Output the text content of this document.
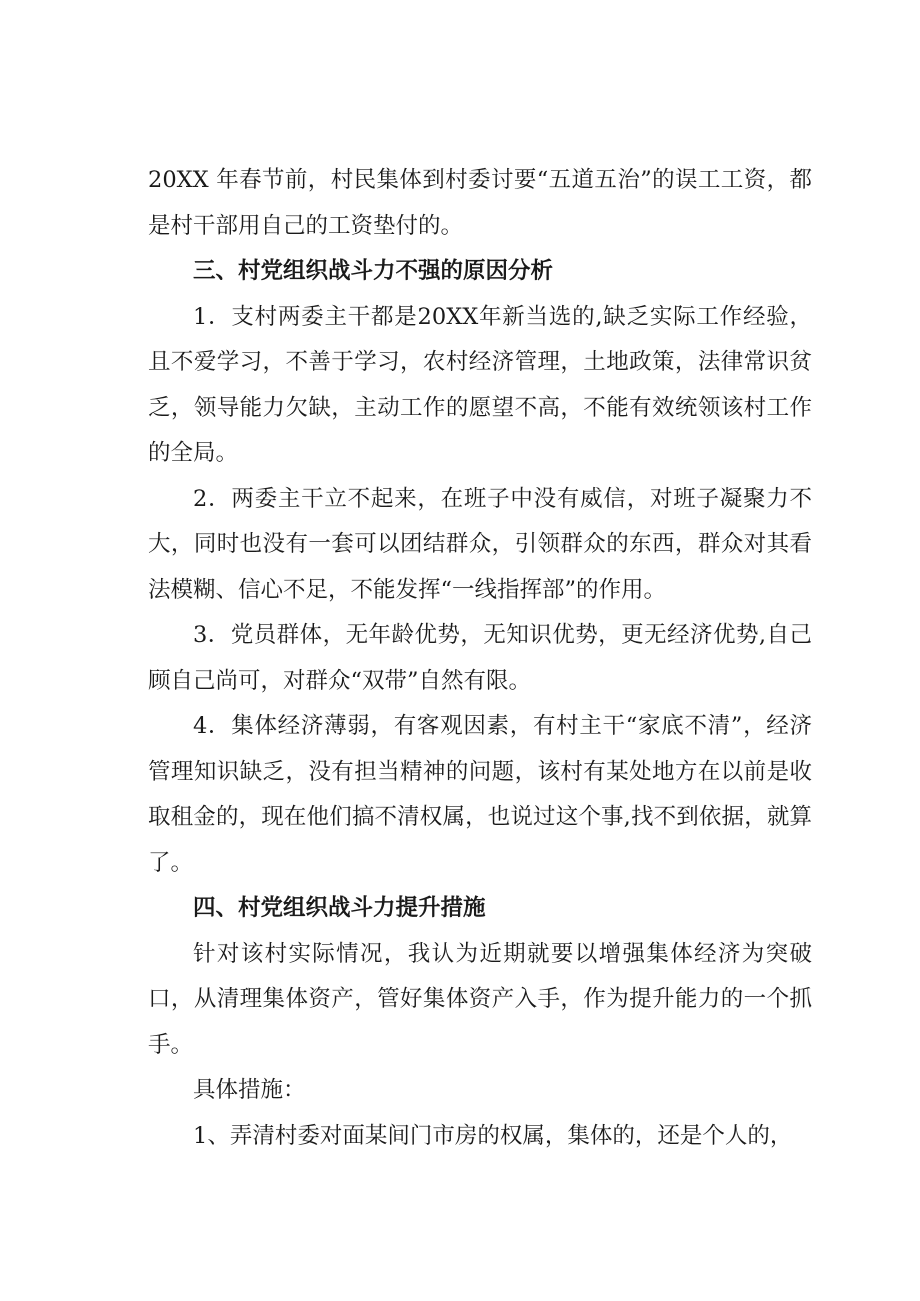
20XX 年春节前，村民集体到村委讨要“五道五治”的误工工资，都是村干部用自己的工资垫付的。

三、村党组织战斗力不强的原因分析

1．支村两委主干都是20XX年新当选的,缺乏实际工作经验，且不爱学习，不善于学习，农村经济管理，土地政策，法律常识贫乏，领导能力欠缺，主动工作的愿望不高，不能有效统领该村工作的全局。

2．两委主干立不起来，在班子中没有威信，对班子凝聚力不大，同时也没有一套可以团结群众，引领群众的东西，群众对其看法模糊、信心不足，不能发挥“一线指挥部”的作用。

3．党员群体，无年龄优势，无知识优势，更无经济优势,自己顾自己尚可，对群众“双带”自然有限。

4．集体经济薄弱，有客观因素，有村主干“家底不清”，经济管理知识缺乏，没有担当精神的问题，该村有某处地方在以前是收取租金的，现在他们搞不清权属，也说过这个事,找不到依据，就算了。

四、村党组织战斗力提升措施

针对该村实际情况，我认为近期就要以增强集体经济为突破口，从清理集体资产，管好集体资产入手，作为提升能力的一个抓手。

具体措施：

1、弄清村委对面某间门市房的权属，集体的，还是个人的，
